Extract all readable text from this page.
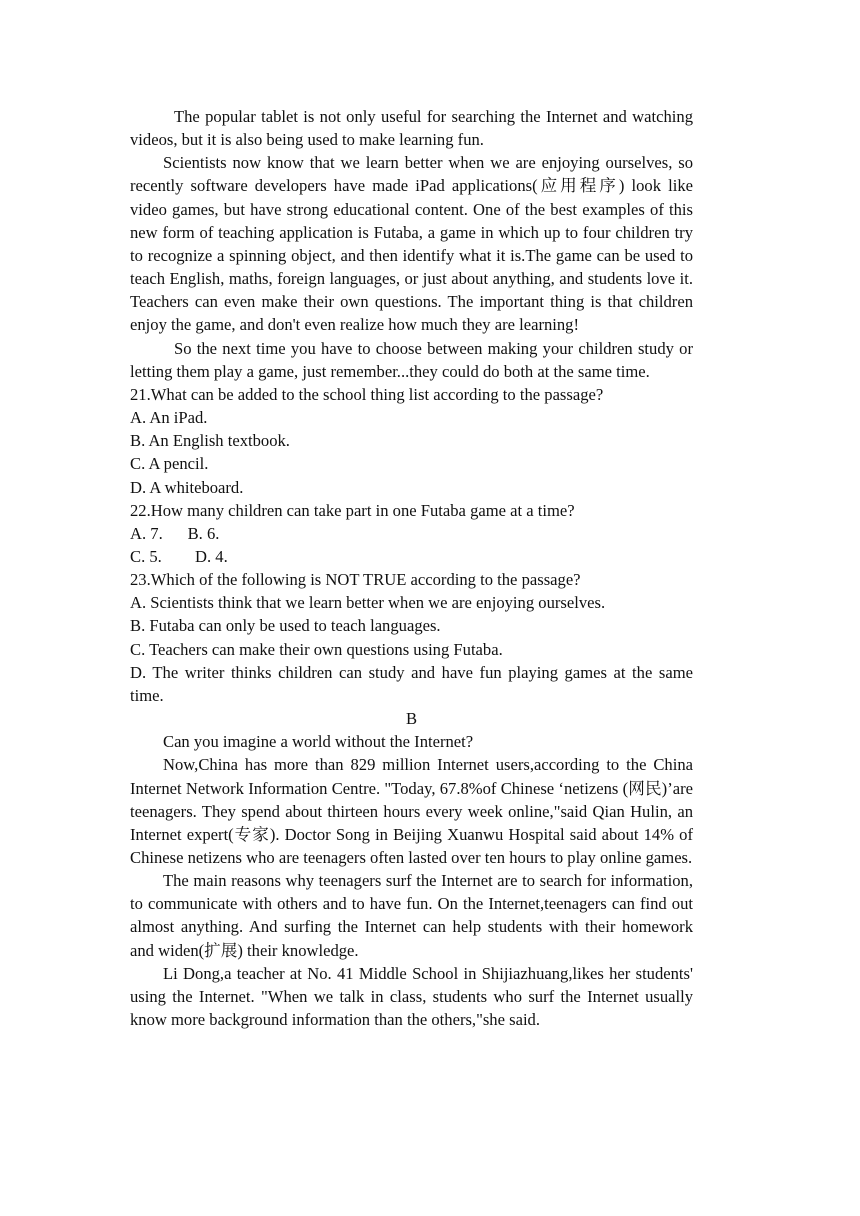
The popular tablet is not only useful for searching the Internet and watching videos, but it is also being used to make learning fun.

Scientists now know that we learn better when we are enjoying ourselves, so recently software developers have made iPad applications(应用程序) look like video games, but have strong educational content. One of the best examples of this new form of teaching application is Futaba, a game in which up to four children try to recognize a spinning object, and then identify what it is.The game can be used to teach English, maths, foreign languages, or just about anything, and students love it. Teachers can even make their own questions. The important thing is that children enjoy the game, and don't even realize how much they are learning!

So the next time you have to choose between making your children study or letting them play a game, just remember...they could do both at the same time.

21.What can be added to the school thing list according to the passage?

A. An iPad.

B. An English textbook.

C. A pencil.

D. A whiteboard.

22.How many children can take part in one Futaba game at a time?

A. 7.      B. 6.

C. 5.        D. 4.

23.Which of the following is NOT TRUE according to the passage?

A. Scientists think that we learn better when we are enjoying ourselves.

B. Futaba can only be used to teach languages.

C. Teachers can make their own questions using Futaba.

D. The writer thinks children can study and have fun playing games at the same time.

B

Can you imagine a world without the Internet?

Now,China has more than 829 million Internet users,according to the China Internet Network Information Centre. "Today, 67.8%of Chinese ‘netizens (网民)’are teenagers. They spend about thirteen hours every week online,"said Qian Hulin, an Internet expert(专家). Doctor Song in Beijing Xuanwu Hospital said about 14% of Chinese netizens who are teenagers often lasted over ten hours to play online games.

The main reasons why teenagers surf the Internet are to search for information, to communicate with others and to have fun. On the Internet,teenagers can find out almost anything. And surfing the Internet can help students with their homework and widen(扩展) their knowledge.

Li Dong,a teacher at No. 41 Middle School in Shijiazhuang,likes her students' using the Internet. "When we talk in class, students who surf the Internet usually know more background information than the others,"she said.
